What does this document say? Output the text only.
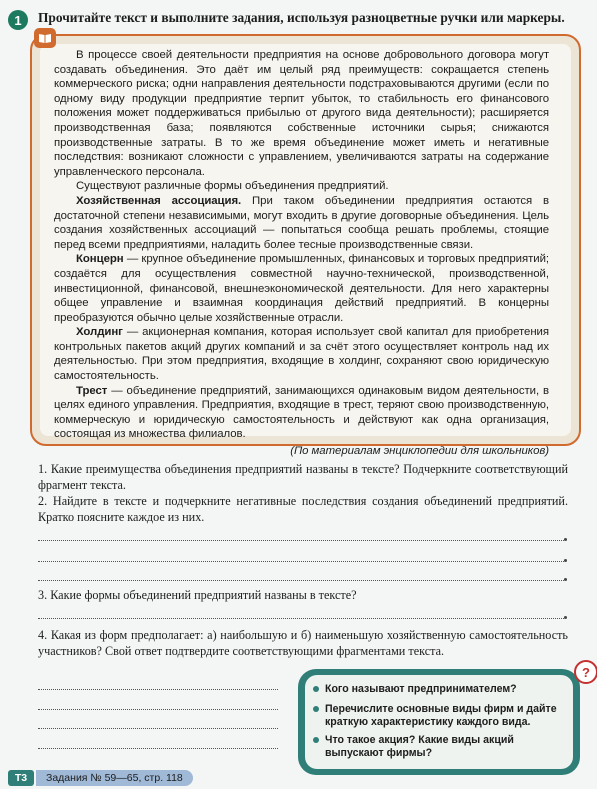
1	Прочитайте текст и выполните задания, используя разноцветные ручки или маркеры.

В процессе своей деятельности предприятия на основе добровольного договора могут создавать объединения. Это даёт им целый ряд преимуществ: сокращается степень коммерческого риска; одни направления деятельности подстраховываются другими (если по одному виду продукции предприятие терпит убыток, то стабильность его финансового положения может поддерживаться прибылью от другого вида деятельности); расширяется производственная база; появляются собственные источники сырья; снижаются производственные затраты. В то же время объединение может иметь и негативные последствия: возникают сложности с управлением, увеличиваются затраты на содержание управленческого персонала.

Существуют различные формы объединения предприятий.

Хозяйственная ассоциация. При таком объединении предприятия остаются в достаточной степени независимыми, могут входить в другие договорные объединения. Цель создания хозяйственных ассоциаций — попытаться сообща решать проблемы, стоящие перед всеми предприятиями, наладить более тесные производственные связи.

Концерн — крупное объединение промышленных, финансовых и торговых предприятий; создаётся для осуществления совместной научно-технической, производственной, инвестиционной, финансовой, внешнеэкономической деятельности. Для него характерны общее управление и взаимная координация действий предприятий. В концерны преобразуются обычно целые хозяйственные отрасли.

Холдинг — акционерная компания, которая использует свой капитал для приобретения контрольных пакетов акций других компаний и за счёт этого осуществляет контроль над их деятельностью. При этом предприятия, входящие в холдинг, сохраняют свою юридическую самостоятельность.

Трест — объединение предприятий, занимающихся одинаковым видом деятельности, в целях единого управления. Предприятия, входящие в трест, теряют свою производственную, коммерческую и юридическую самостоятельность и действуют как одна организация, состоящая из множества филиалов.

(По материалам энциклопедии для школьников)

1. Какие преимущества объединения предприятий названы в тексте? Подчеркните соответствующий фрагмент текста.
2. Найдите в тексте и подчеркните негативные последствия создания объединений предприятий. Кратко поясните каждое из них.
3. Какие формы объединений предприятий названы в тексте?
4. Какая из форм предполагает: а) наибольшую и б) наименьшую хозяйственную самостоятельность участников? Свой ответ подтвердите соответствующими фрагментами текста.
Кого называют предпринимателем?
Перечислите основные виды фирм и дайте краткую характеристику каждого вида.
Что такое акция? Какие виды акций выпускают фирмы?
?
Т3	Задания № 59—65, стр. 118
